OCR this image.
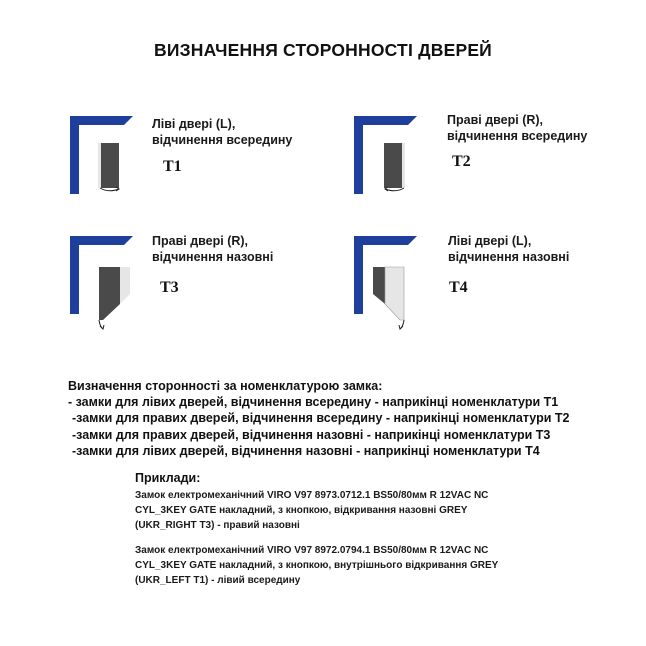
ВИЗНАЧЕННЯ СТОРОННОСТІ ДВЕРЕЙ
Ліві двері (L),
відчинення всередину
T1
Праві двері (R),
відчинення всередину
T2
Праві двері (R),
відчинення назовні
T3
Ліві двері (L),
відчинення назовні
T4
Визначення сторонності за номенклатурою замка:
- замки для лівих дверей, відчинення всередину - наприкінці номенклатури Т1
-замки для правих дверей, відчинення всередину - наприкінці номенклатури Т2
-замки для правих дверей, відчинення назовні - наприкінці номенклатури Т3
-замки для лівих дверей, відчинення назовні - наприкінці номенклатури Т4
Приклади:
Замок електромеханічний VIRO V97 8973.0712.1 BS50/80мм R 12VAC NC
CYL_3KEY GATE накладний, з кнопкою, відкривання назовні GREY
(UKR_RIGHT T3) - правий назовні
Замок електромеханічний VIRO V97 8972.0794.1 BS50/80мм R 12VAC NC
CYL_3KEY GATE накладний, з кнопкою, внутрішнього відкривання GREY
(UKR_LEFT T1) - лівий всередину
